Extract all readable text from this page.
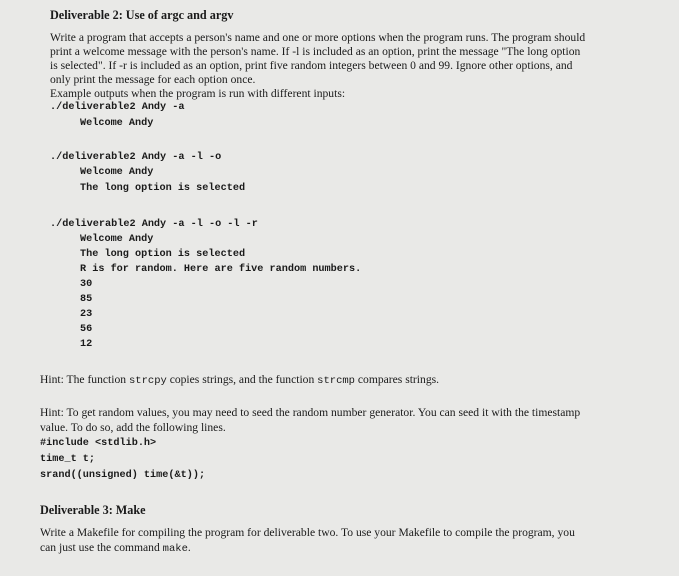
Deliverable 2: Use of argc and argv
Write a program that accepts a person's name and one or more options when the program runs. The program should
print a welcome message with the person's name. If -l is included as an option, print the message "The long option
is selected". If -r is included as an option, print five random integers between 0 and 99. Ignore other options, and
only print the message for each option once.
Example outputs when the program is run with different inputs:
./deliverable2 Andy -a
Welcome Andy
./deliverable2 Andy -a -l -o
Welcome Andy
The long option is selected
./deliverable2 Andy -a -l -o -l -r
Welcome Andy
The long option is selected
R is for random. Here are five random numbers.
30
85
23
56
12
Hint: The function strcpy copies strings, and the function strcmp compares strings.
Hint: To get random values, you may need to seed the random number generator. You can seed it with the timestamp
value. To do so, add the following lines.
#include <stdlib.h>
time_t t;
srand((unsigned) time(&t));
Deliverable 3: Make
Write a Makefile for compiling the program for deliverable two. To use your Makefile to compile the program, you
can just use the command make.
